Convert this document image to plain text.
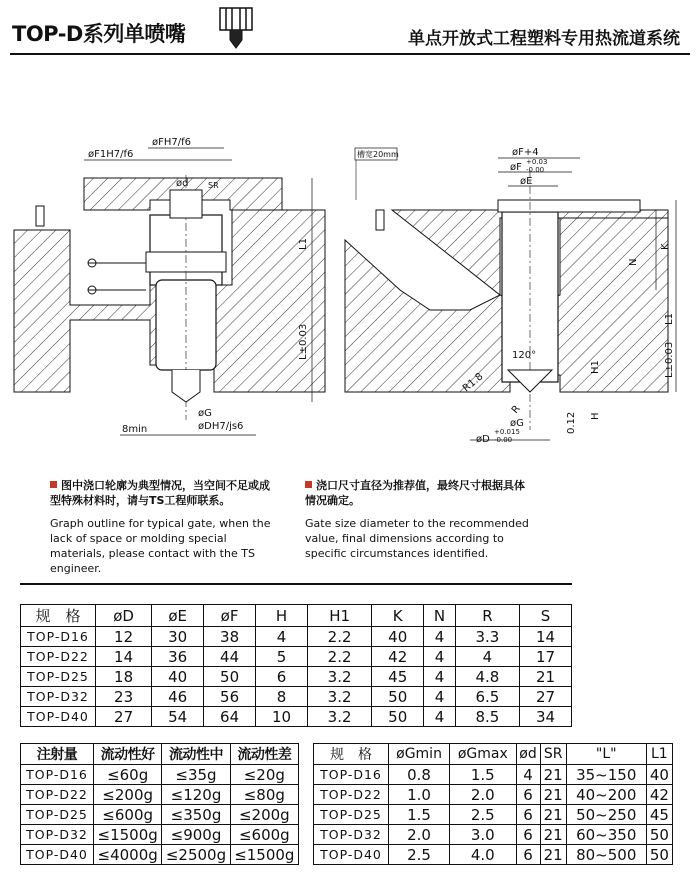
TOP-D系列单喷嘴	单点开放式工程塑料专用热流道系统
øF1H7/f6
øFH7/f6
ød SR
L1
L±0.03
øG
øDH7/js6
8min
槽宽20mm	øF+4
øF +0.03
-0.00
øE
N
K
L1
L±0.03
120°
R1.8
H1
R
øG
H
0.12
øD
+0.015
-0.00
图中浇口轮廓为典型情况，当空间不足或成型特殊材料时，请与TS工程师联系。
Graph outline for typical gate, when the lack of space or molding special materials, please contact with the TS engineer.
浇口尺寸直径为推荐值，最终尺寸根据具体情况确定。
Gate size diameter to the recommended value, final dimensions according to specific circumstances identified.
规　格	øD	øE	øF	H	H1	K	N	R	S
TOP-D16	12	30	38	4	2.2	40	4	3.3	14
TOP-D22	14	36	44	5	2.2	42	4	4	17
TOP-D25	18	40	50	6	3.2	45	4	4.8	21
TOP-D32	23	46	56	8	3.2	50	4	6.5	27
TOP-D40	27	54	64	10	3.2	50	4	8.5	34
注射量	流动性好	流动性中	流动性差
TOP-D16	≤60g	≤35g	≤20g
TOP-D22	≤200g	≤120g	≤80g
TOP-D25	≤600g	≤350g	≤200g
TOP-D32	≤1500g	≤900g	≤600g
TOP-D40	≤4000g	≤2500g	≤1500g
规　格	øGmin	øGmax	ød	SR	"L"	L1
TOP-D16	0.8	1.5	4	21	35~150	40
TOP-D22	1.0	2.0	6	21	40~200	42
TOP-D25	1.5	2.5	6	21	50~250	45
TOP-D32	2.0	3.0	6	21	60~350	50
TOP-D40	2.5	4.0	6	21	80~500	50
